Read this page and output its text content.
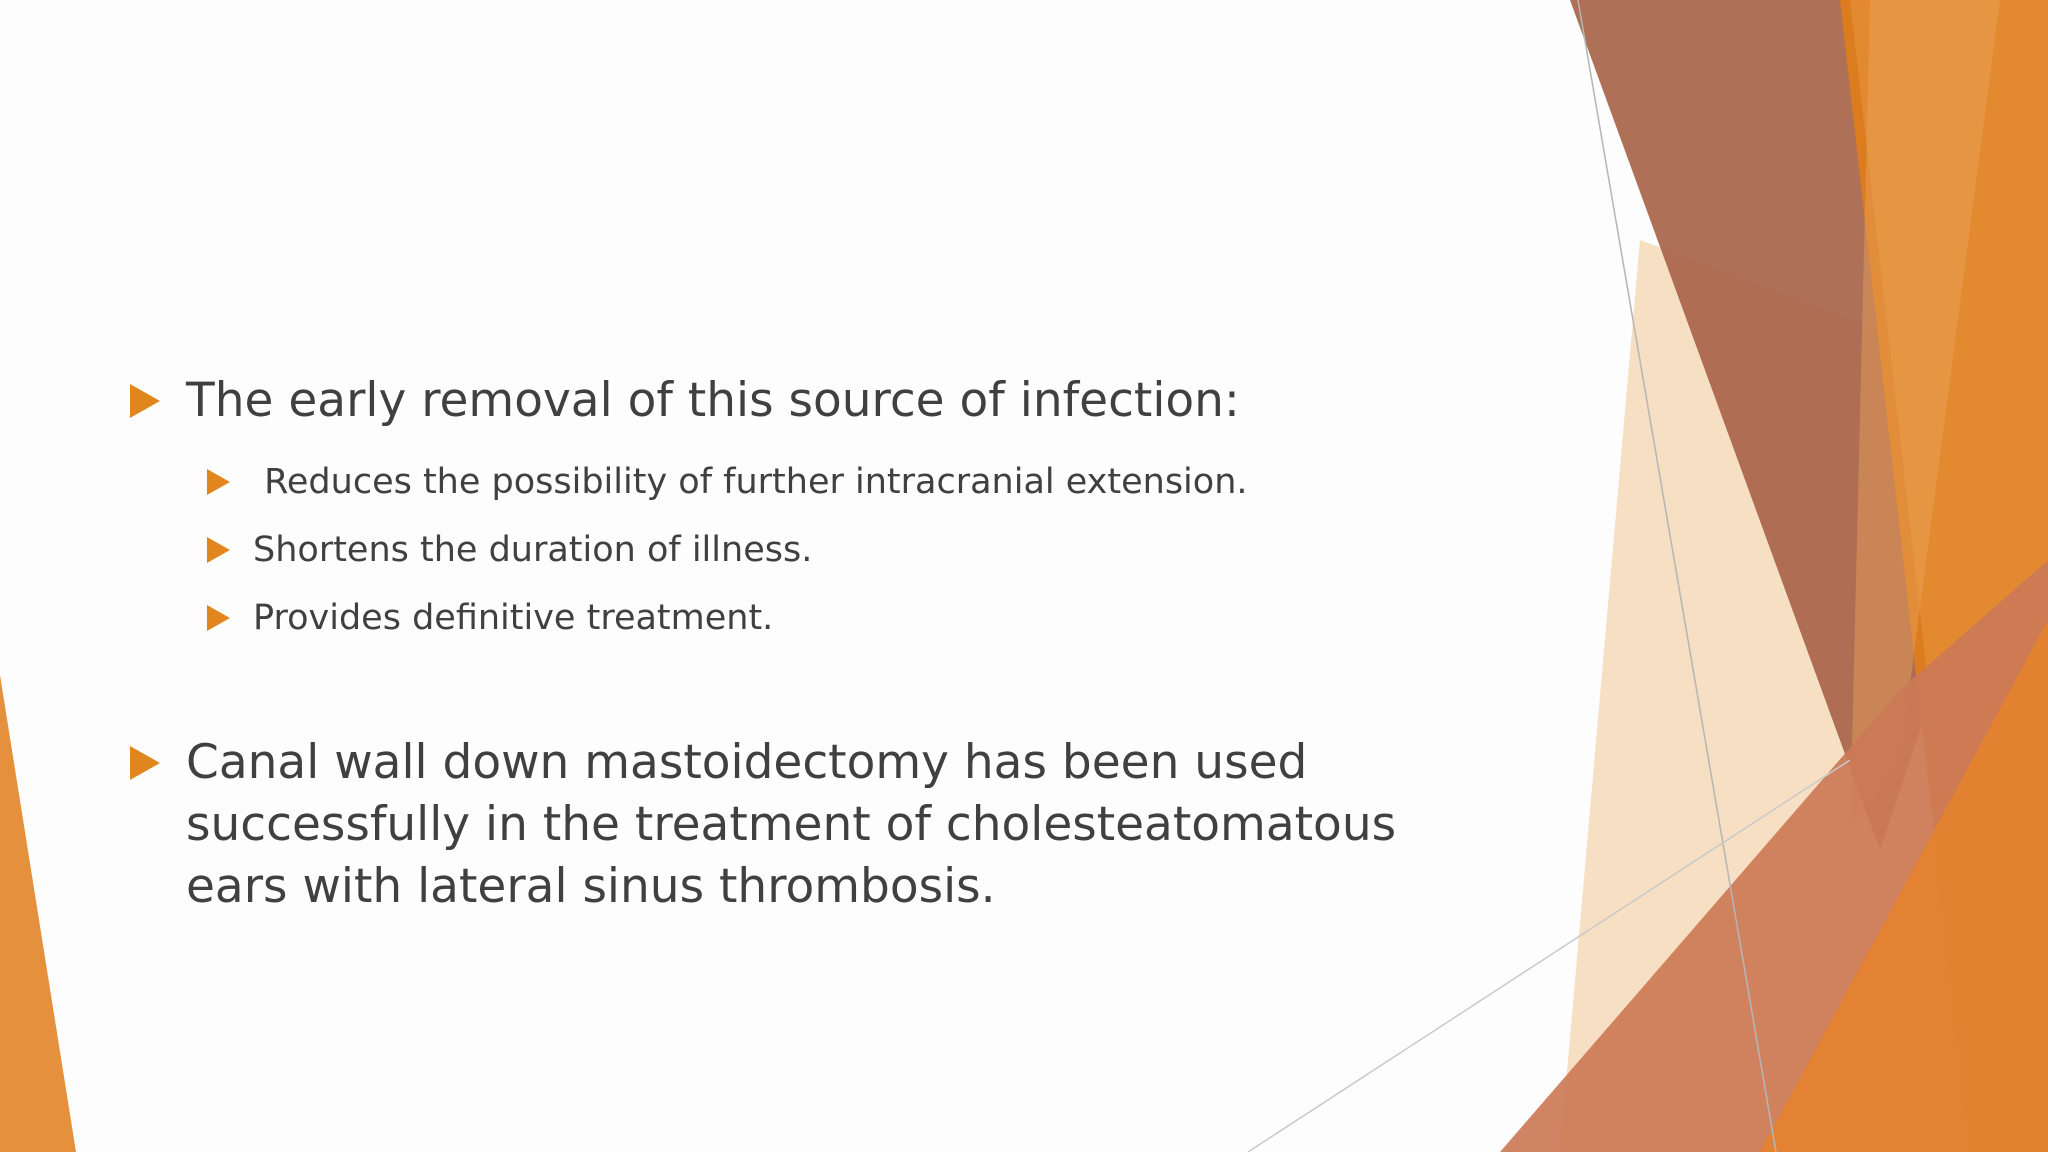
The early removal of this source of infection:
Reduces the possibility of further intracranial extension.
Shortens the duration of illness.
Provides definitive treatment.
Canal wall down mastoidectomy has been used successfully in the treatment of cholesteatomatous ears with lateral sinus thrombosis.
